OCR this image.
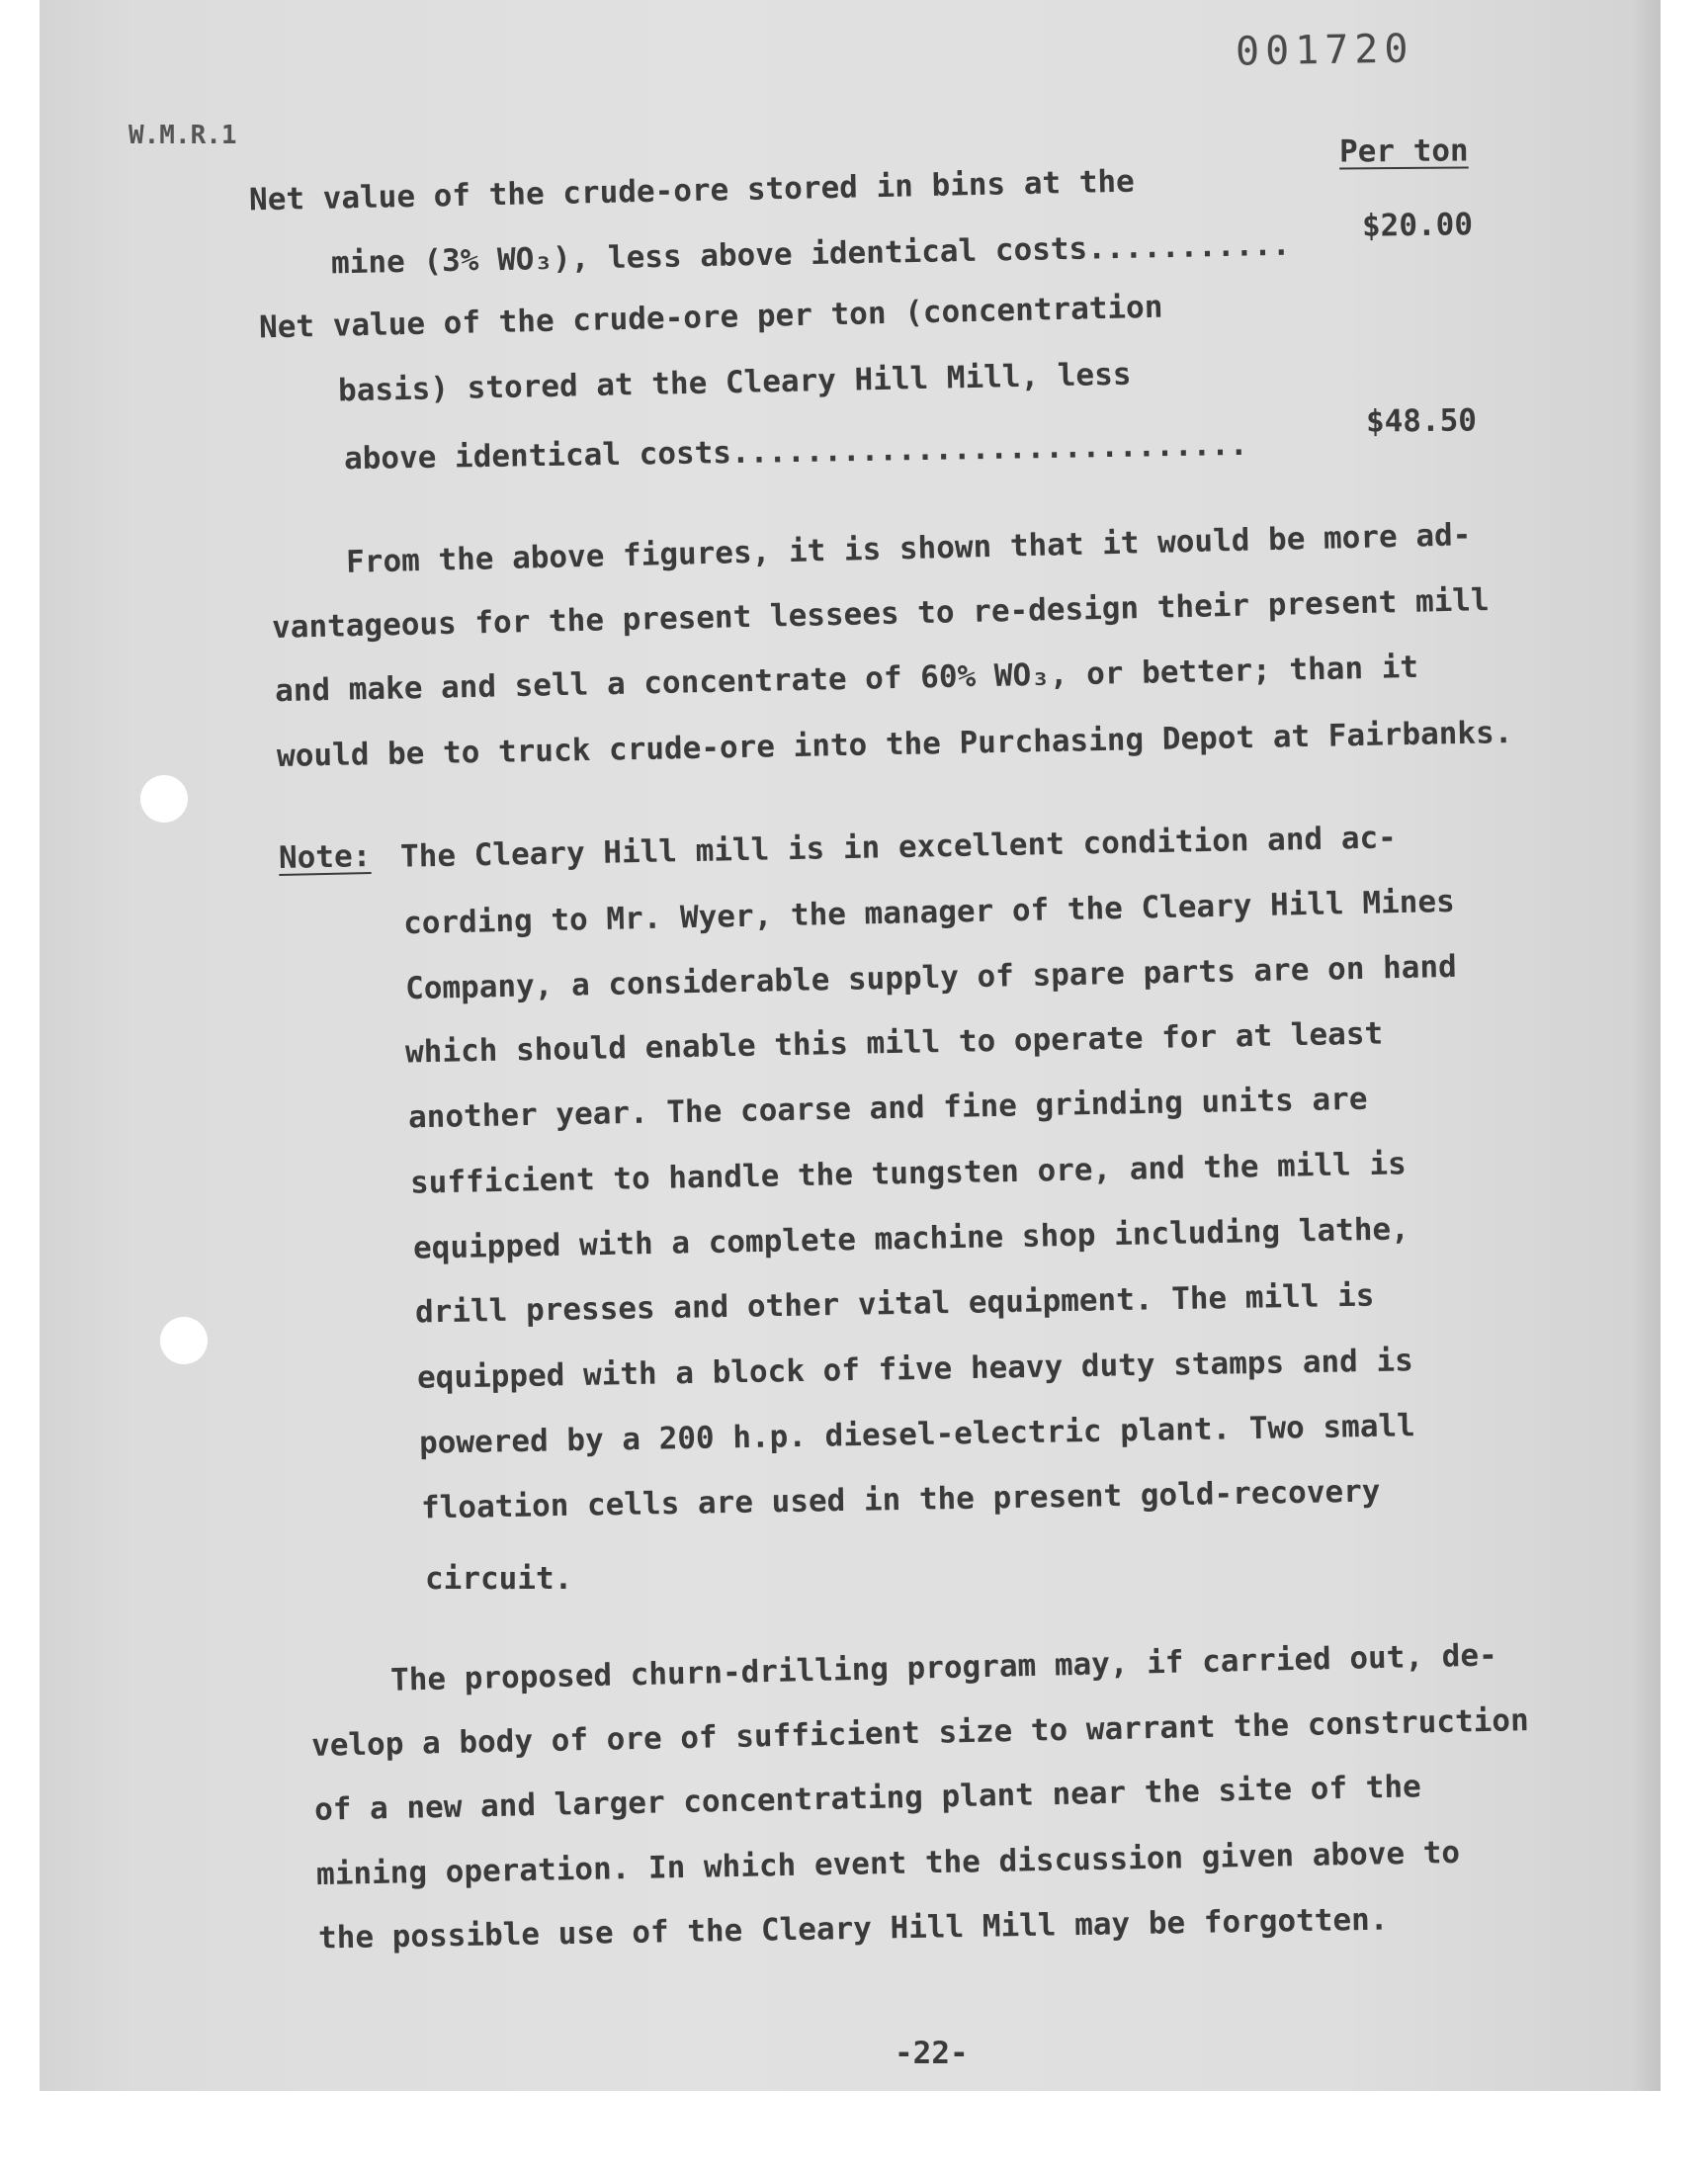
001720
W.M.R.1	Per ton
Net value of the crude-ore stored in bins at the
mine (3% WO₃), less above identical costs...........
$20.00
Net value of the crude-ore per ton (concentration
basis) stored at the Cleary Hill Mill, less
above identical costs............................
$48.50
From the above figures, it is shown that it would be more ad-
vantageous for the present lessees to re-design their present mill
and make and sell a concentrate of 60% WO₃, or better; than it
would be to truck crude-ore into the Purchasing Depot at Fairbanks.
Note: The Cleary Hill mill is in excellent condition and ac-
cording to Mr. Wyer, the manager of the Cleary Hill Mines
Company, a considerable supply of spare parts are on hand
which should enable this mill to operate for at least
another year. The coarse and fine grinding units are
sufficient to handle the tungsten ore, and the mill is
equipped with a complete machine shop including lathe,
drill presses and other vital equipment. The mill is
equipped with a block of five heavy duty stamps and is
powered by a 200 h.p. diesel-electric plant. Two small
floation cells are used in the present gold-recovery
circuit.
The proposed churn-drilling program may, if carried out, de-
velop a body of ore of sufficient size to warrant the construction
of a new and larger concentrating plant near the site of the
mining operation. In which event the discussion given above to
the possible use of the Cleary Hill Mill may be forgotten.
-22-
